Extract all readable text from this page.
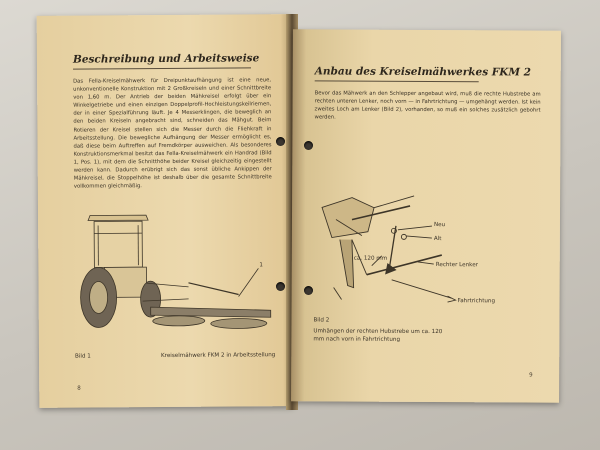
Beschreibung und Arbeitsweise
Das Fella-Kreiselmähwerk für Dreipunktaufhängung ist eine neue, unkonventionelle Konstruktion mit 2 Großkreiseln und einer Schnittbreite von 1,60 m. Der Antrieb der beiden Mähkreisel erfolgt über ein Winkelgetriebe und einen einzigen Doppelprofil-Hochleistungskeilriemen, der in einer Spezialführung läuft. Je 4 Messerklingen, die beweglich an den beiden Kreiseln angebracht sind, schneiden das Mähgut. Beim Rotieren der Kreisel stellen sich die Messer durch die Fliehkraft in Arbeitsstellung. Die bewegliche Aufhängung der Messer ermöglicht es, daß diese beim Auftreffen auf Fremdkörper ausweichen. Als besonderes Konstruktionsmerkmal besitzt das Fella-Kreiselmähwerk ein Handrad (Bild 1, Pos. 1), mit dem die Schnitthöhe beider Kreisel gleichzeitig eingestellt werden kann. Dadurch erübrigt sich das sonst übliche Ankippen der Mähkreisel, die Stoppelhöhe ist deshalb über die gesamte Schnittbreite vollkommen gleichmäßig.
1
Bild 1	Kreiselmähwerk FKM 2 in Arbeitsstellung
8
Anbau des Kreiselmähwerkes FKM 2
Bevor das Mähwerk an den Schlepper angebaut wird, muß die rechte Hubstrebe am rechten unteren Lenker, noch vorn — in Fahrtrichtung — umgehängt werden. Ist kein zweites Loch am Lenker (Bild 2), vorhanden, so muß ein solches zusätzlich gebohrt werden.
Neu
Alt
ca. 120 mm
Rechter Lenker
Fahrtrichtung
Bild 2
Umhängen der rechten Hubstrebe um ca. 120 mm nach vorn in Fahrtrichtung
9
